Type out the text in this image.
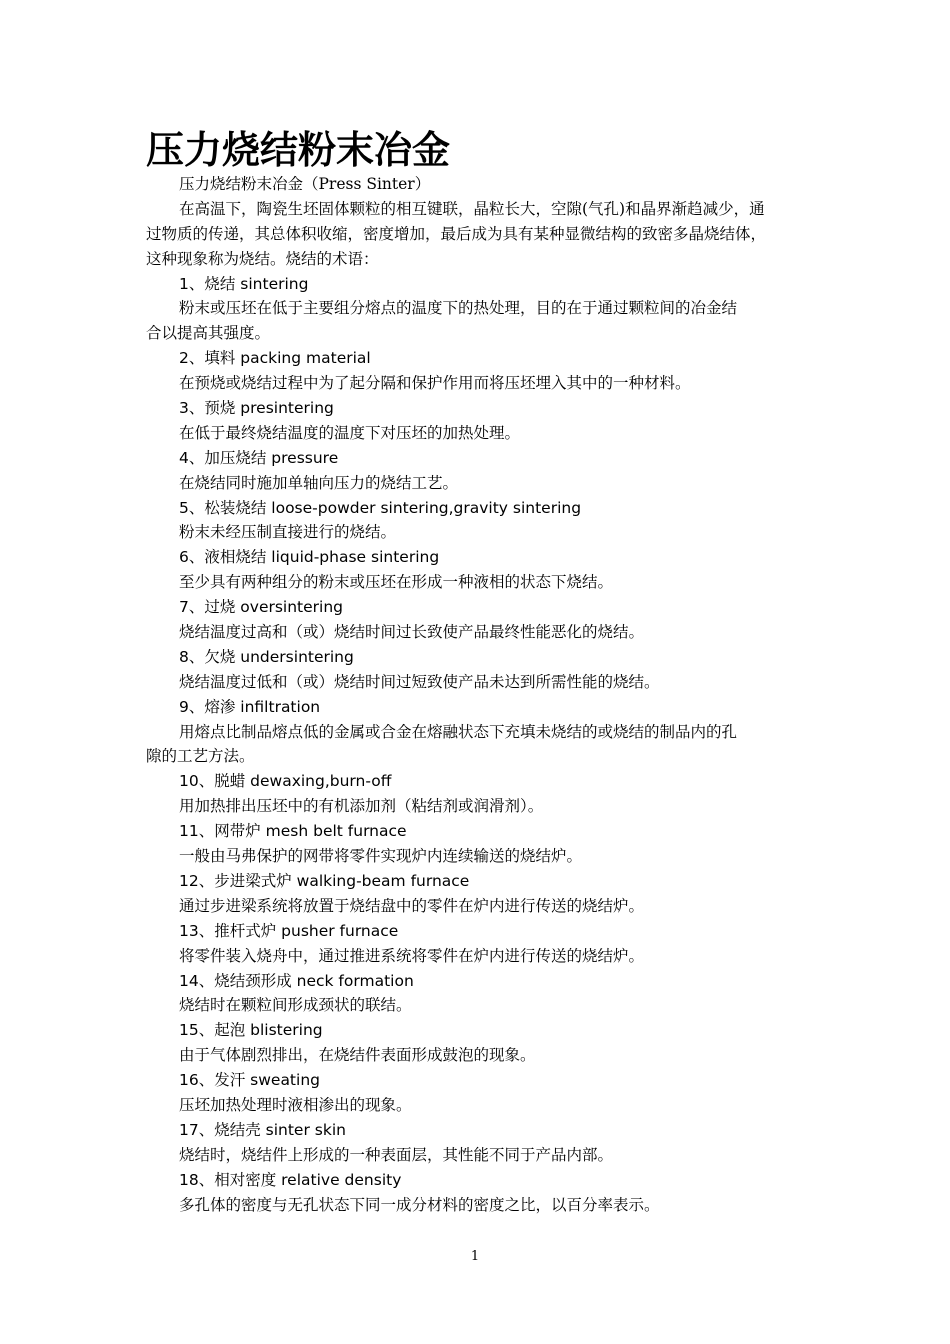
压力烧结粉末冶金
压力烧结粉末冶金（Press Sinter）
在高温下，陶瓷生坯固体颗粒的相互键联，晶粒长大，空隙(气孔)和晶界渐趋减少，通
过物质的传递，其总体积收缩，密度增加，最后成为具有某种显微结构的致密多晶烧结体，
这种现象称为烧结。烧结的术语：
1、烧结 sintering
粉末或压坯在低于主要组分熔点的温度下的热处理，目的在于通过颗粒间的冶金结
合以提高其强度。
2、填料 packing material
在预烧或烧结过程中为了起分隔和保护作用而将压坯埋入其中的一种材料。
3、预烧 presintering
在低于最终烧结温度的温度下对压坯的加热处理。
4、加压烧结 pressure
在烧结同时施加单轴向压力的烧结工艺。
5、松装烧结 loose-powder sintering,gravity sintering
粉末未经压制直接进行的烧结。
6、液相烧结 liquid-phase sintering
至少具有两种组分的粉末或压坯在形成一种液相的状态下烧结。
7、过烧 oversintering
烧结温度过高和（或）烧结时间过长致使产品最终性能恶化的烧结。
8、欠烧 undersintering
烧结温度过低和（或）烧结时间过短致使产品未达到所需性能的烧结。
9、熔渗 infiltration
用熔点比制品熔点低的金属或合金在熔融状态下充填未烧结的或烧结的制品内的孔
隙的工艺方法。
10、脱蜡 dewaxing,burn-off
用加热排出压坯中的有机添加剂（粘结剂或润滑剂）。
11、网带炉 mesh belt furnace
一般由马弗保护的网带将零件实现炉内连续输送的烧结炉。
12、步进梁式炉 walking-beam furnace
通过步进梁系统将放置于烧结盘中的零件在炉内进行传送的烧结炉。
13、推杆式炉 pusher furnace
将零件装入烧舟中，通过推进系统将零件在炉内进行传送的烧结炉。
14、烧结颈形成 neck formation
烧结时在颗粒间形成颈状的联结。
15、起泡 blistering
由于气体剧烈排出，在烧结件表面形成鼓泡的现象。
16、发汗 sweating
压坯加热处理时液相渗出的现象。
17、烧结壳 sinter skin
烧结时，烧结件上形成的一种表面层，其性能不同于产品内部。
18、相对密度 relative density
多孔体的密度与无孔状态下同一成分材料的密度之比，以百分率表示。
1
